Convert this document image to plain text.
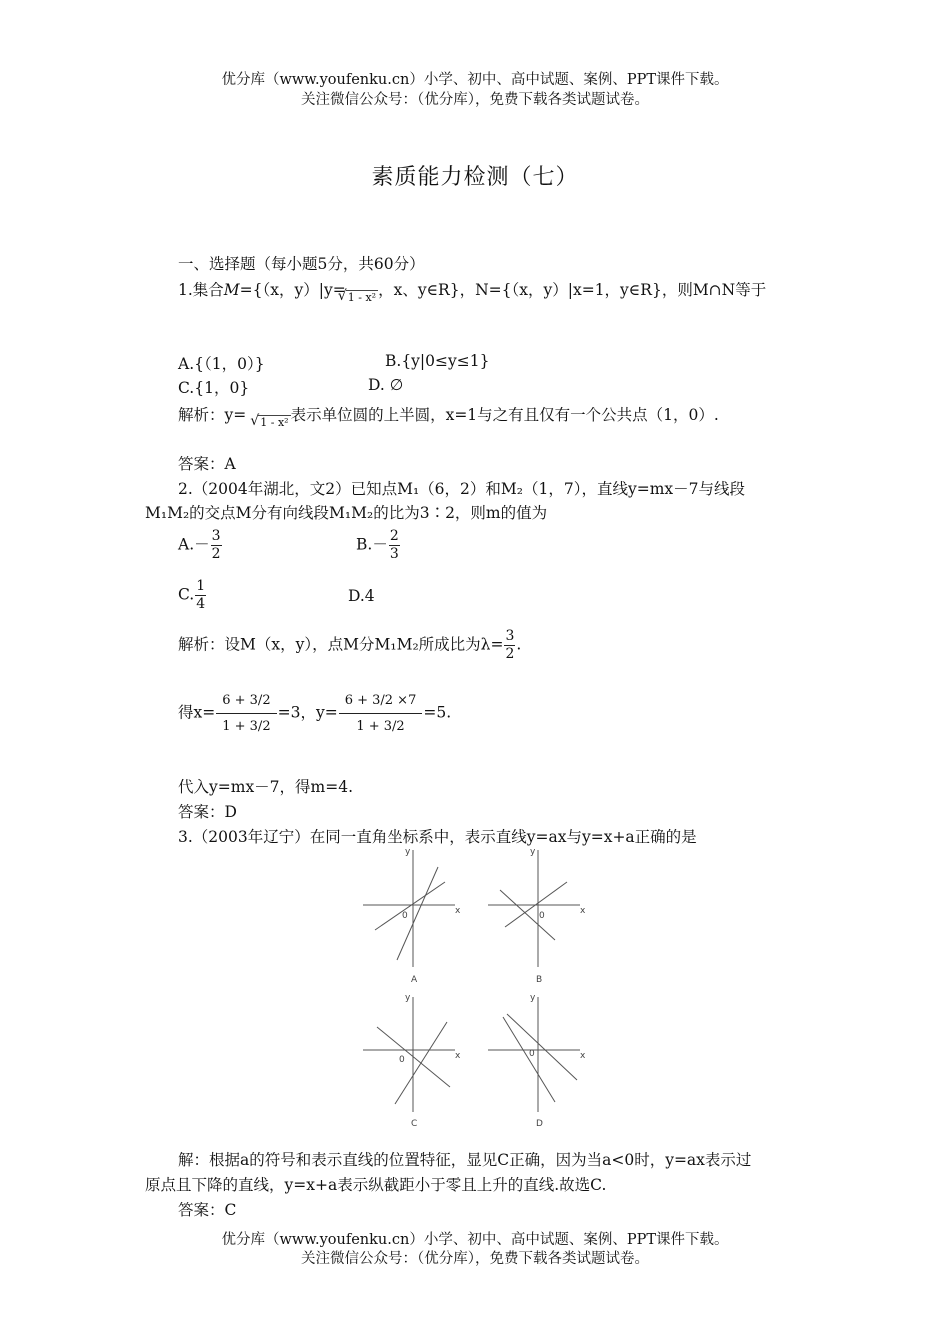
优分库（www.youfenku.cn）小学、初中、高中试题、案例、PPT课件下载。
关注微信公众号：（优分库），免费下载各类试题试卷。
素质能力检测（七）
一、选择题（每小题5分，共60分）
1.集合M={（x，y）|y= √ 1 - x² ，x、y∈R}，N={（x，y）|x=1，y∈R}，则M∩N等于
A.{（1，0）}	B.{y|0≤y≤1}
C.{1，0}	D. ∅
解析：y= √ 1 - x² 表示单位圆的上半圆，x=1与之有且仅有一个公共点（1，0）.
答案：A
2.（2004年湖北，文2）已知点M₁（6，2）和M₂（1，7），直线y=mx－7与线段
M₁M₂的交点M分有向线段M₁M₂的比为3∶2，则m的值为
$A.- \frac{3}{2}$	$B.- \frac{2}{3}$
C. $\frac{1}{4}$	D.4
解析：设M（x，y），点M分M₁M₂所成比为$\lambda= \frac{3}{2}$ .
得$x= \frac{6 + 3/2}{1 + 3/2} =3$，$y= \frac{6 + 3/2 \times 7}{1 + 3/2} =5$.
代入y=mx－7，得m=4.
答案：D
3.（2003年辽宁）在同一直角坐标系中，表示直线y=ax与y=x+a正确的是
y
x
0
A
y
x
0
B
y
x
0
C
y
x
0
D
解：根据a的符号和表示直线的位置特征，显见C正确，因为当a<0时，y=ax表示过
原点且下降的直线，y=x+a表示纵截距小于零且上升的直线.故选C.
答案：C
优分库（www.youfenku.cn）小学、初中、高中试题、案例、PPT课件下载。
关注微信公众号：（优分库），免费下载各类试题试卷。
